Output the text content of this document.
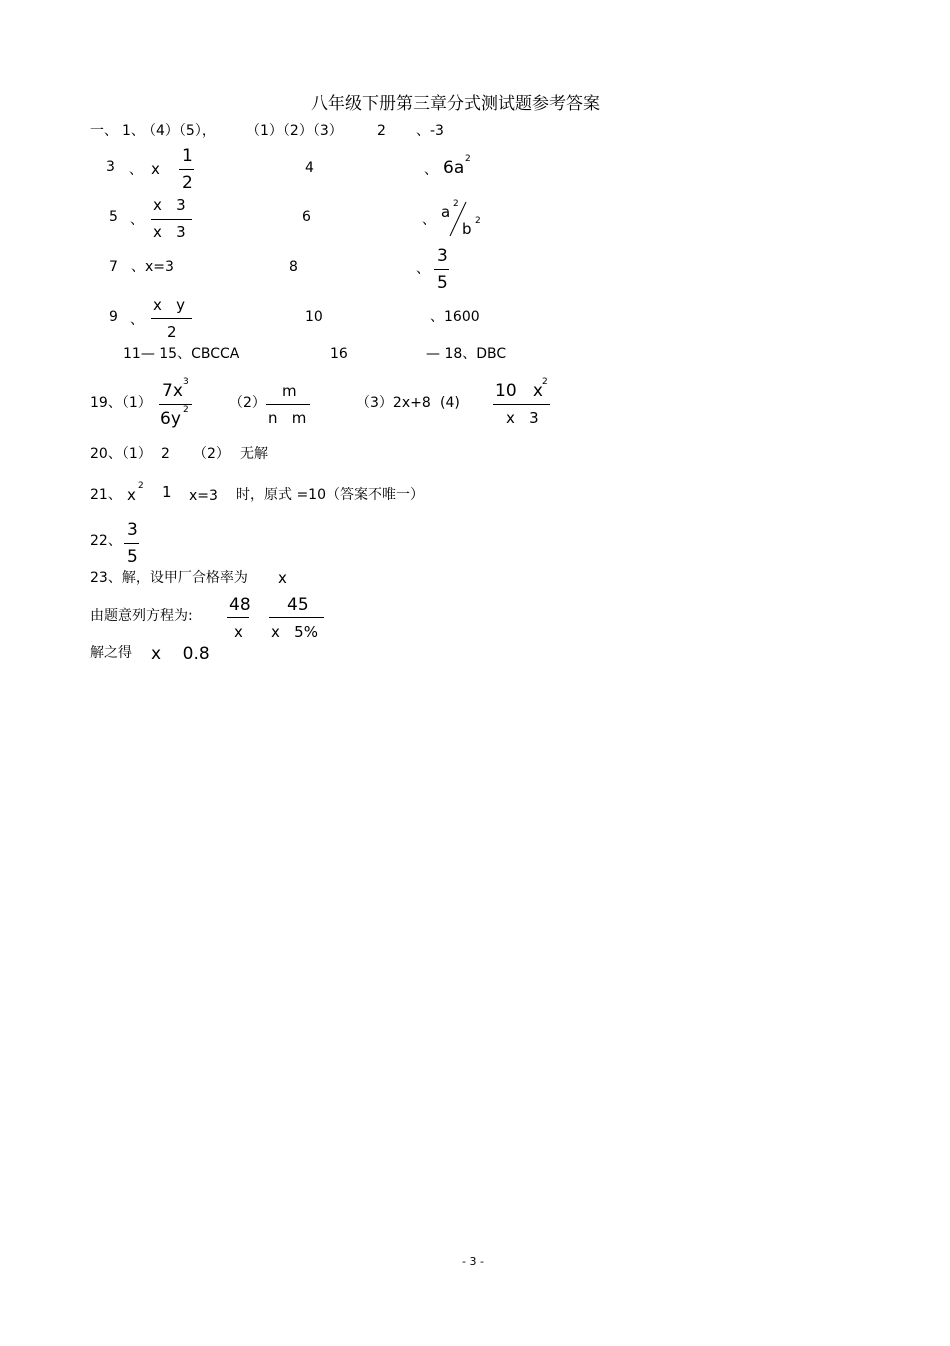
八年级下册第三章分式测试题参考答案
一、 1、
（4）（5）， （1）（2）（3） 2 、-3
3 、 x
1
2
4	、 6a 2
5 、
x   3
x   3
6	、 a 2
b 2
7 、x=3	8	、
3
5
9 、
x   y
2
10	、1600
11— 15、CBCCA	16	— 18、DBC
19、（1）
7x 3
6y 2	（2）
m
n   m
（3）2x+8 (4)
10   x 2
x   3
20、（1） 2 （2） 无解
21、 x 2 1 x=3 时，原式 =10（答案不唯一）
22、
3
5
23、解，设甲厂合格率为 x
由题意列方程为:
48
x
45
x   5%
解之得 x    0.8
- 3 -
